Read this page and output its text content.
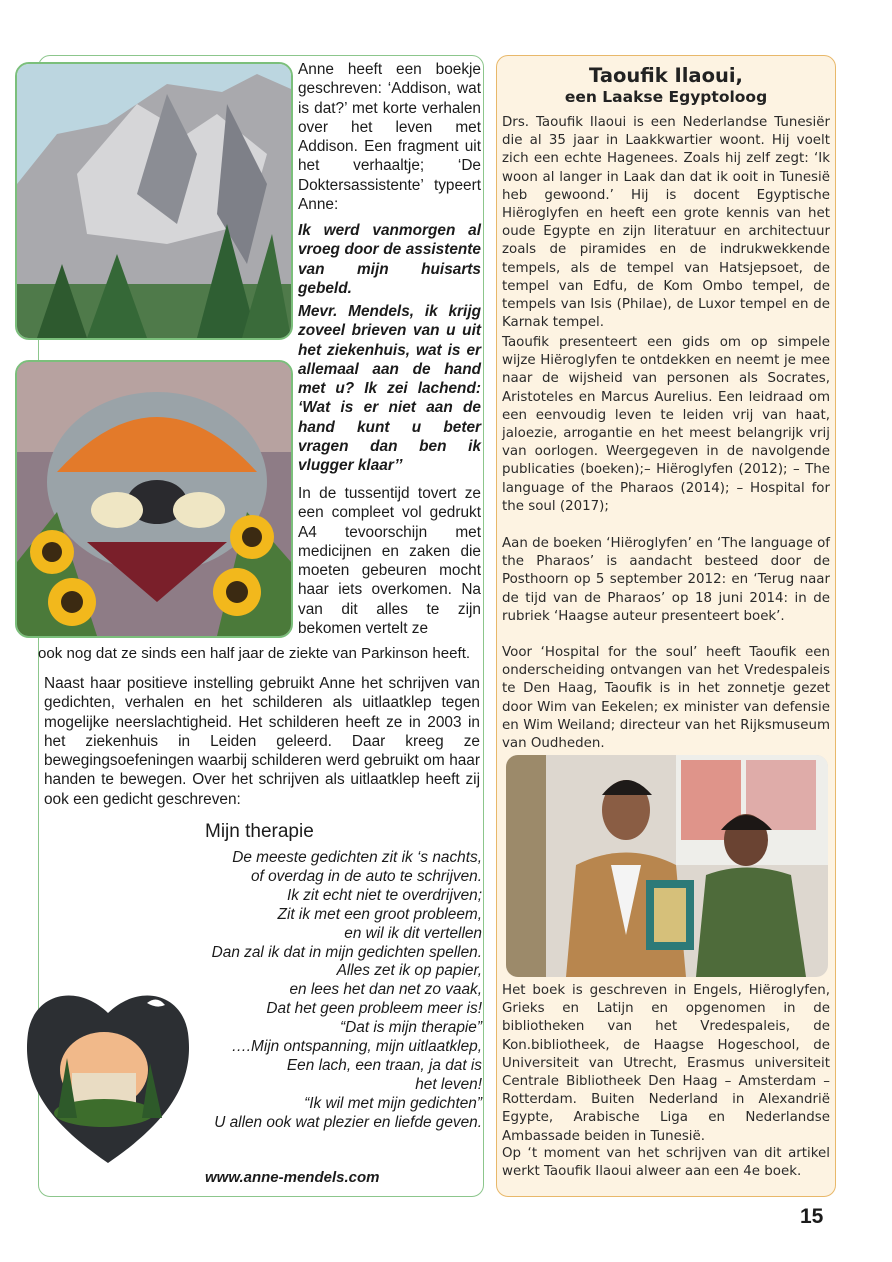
Anne heeft een boekje geschreven: ‘Addison, wat is dat?’ met korte verhalen over het leven met Addison. Een fragment uit het verhaaltje; ‘De Doktersassistente’ typeert Anne:

Ik werd vanmorgen al vroeg door de assistente van mijn huisarts gebeld.

Mevr. Mendels, ik krijg zoveel brieven van u uit het ziekenhuis, wat is er allemaal aan de hand met u? Ik zei lachend: ‘Wat is er niet aan de hand kunt u beter vragen dan ben ik vlugger klaar’’

In de tussentijd tovert ze een compleet vol gedrukt A4 tevoorschijn met medicijnen en zaken die moeten gebeuren mocht haar iets overkomen. Na van dit alles te zijn bekomen vertelt ze

ook nog dat ze sinds een half jaar de ziekte van Parkinson heeft.

Naast haar positieve instelling gebruikt Anne het schrijven van gedichten, verhalen en het schilderen als uitlaatklep tegen mogelijke neerslachtigheid. Het schilderen heeft ze in 2003 in het ziekenhuis in Leiden geleerd. Daar kreeg ze bewegingsoefeningen waarbij schilderen werd gebruikt om haar handen te bewegen. Over het schrijven als uitlaatklep heeft zij ook een gedicht geschreven:

Mijn therapie
De meeste gedichten zit ik ‘s nachts,
of overdag in de auto te schrijven.
Ik zit echt niet te overdrijven;
Zit ik met een groot probleem,
en wil ik dit vertellen
Dan zal ik dat in mijn gedichten spellen.
Alles zet ik op papier,
en lees het dan net zo vaak,
Dat het geen probleem meer is!
“Dat is mijn therapie”
….Mijn ontspanning, mijn uitlaatklep,
Een lach, een traan, ja dat is
het leven!
“Ik wil met mijn gedichten”
U allen ook wat plezier en liefde geven.

www.anne-mendels.com

Taoufik Ilaoui,
een Laakse Egyptoloog

Drs. Taoufik Ilaoui is een Nederlandse Tunesiër die al 35 jaar in Laakkwartier woont. Hij voelt zich een echte Hagenees. Zoals hij zelf zegt: ‘Ik woon al langer in Laak dan dat ik ooit in Tunesië heb gewoond.’ Hij is docent Egyptische Hiëroglyfen en heeft een grote kennis van het oude Egypte en zijn literatuur en architectuur zoals de piramides en de indrukwekkende tempels, als de tempel van Hatsjepsoet, de tempel van Edfu, de Kom Ombo tempel, de tempels van Isis (Philae), de Luxor tempel en de Karnak tempel.

Taoufik presenteert een gids om op simpele wijze Hiëroglyfen te ontdekken en neemt je mee naar de wijsheid van personen als Socrates, Aristoteles en Marcus Aurelius. Een leidraad om een eenvoudig leven te leiden vrij van haat, jaloezie, arrogantie en het meest belangrijk vrij van oorlogen. Weergegeven in de navolgende publicaties (boeken);– Hiëroglyfen (2012); – The language of the Pharaos (2014); – Hospital for the soul (2017);

Aan de boeken ‘Hiëroglyfen’ en ‘The language of the Pharaos’ is aandacht besteed door de Posthoorn op 5 september 2012: en ‘Terug naar de tijd van de Pharaos’ op 18 juni 2014: in de rubriek ‘Haagse auteur presenteert boek’.

Voor ‘Hospital for the soul’ heeft Taoufik een onderscheiding ontvangen van het Vredespaleis te Den Haag, Taoufik is in het zonnetje gezet door Wim van Eekelen; ex minister van defensie en Wim Weiland; directeur van het Rijksmuseum van Oudheden.

Het boek is geschreven in Engels, Hiëroglyfen, Grieks en Latijn en opgenomen in de bibliotheken van het Vredespaleis, de Kon.bibliotheek, de Haagse Hogeschool, de Universiteit van Utrecht, Erasmus universiteit Centrale Bibliotheek Den Haag – Amsterdam – Rotterdam. Buiten Nederland in Alexandrië Egypte, Arabische Liga en Nederlandse Ambassade beiden in Tunesië.

Op ‘t moment van het schrijven van dit artikel werkt Taoufik Ilaoui alweer aan een 4e boek.

15
